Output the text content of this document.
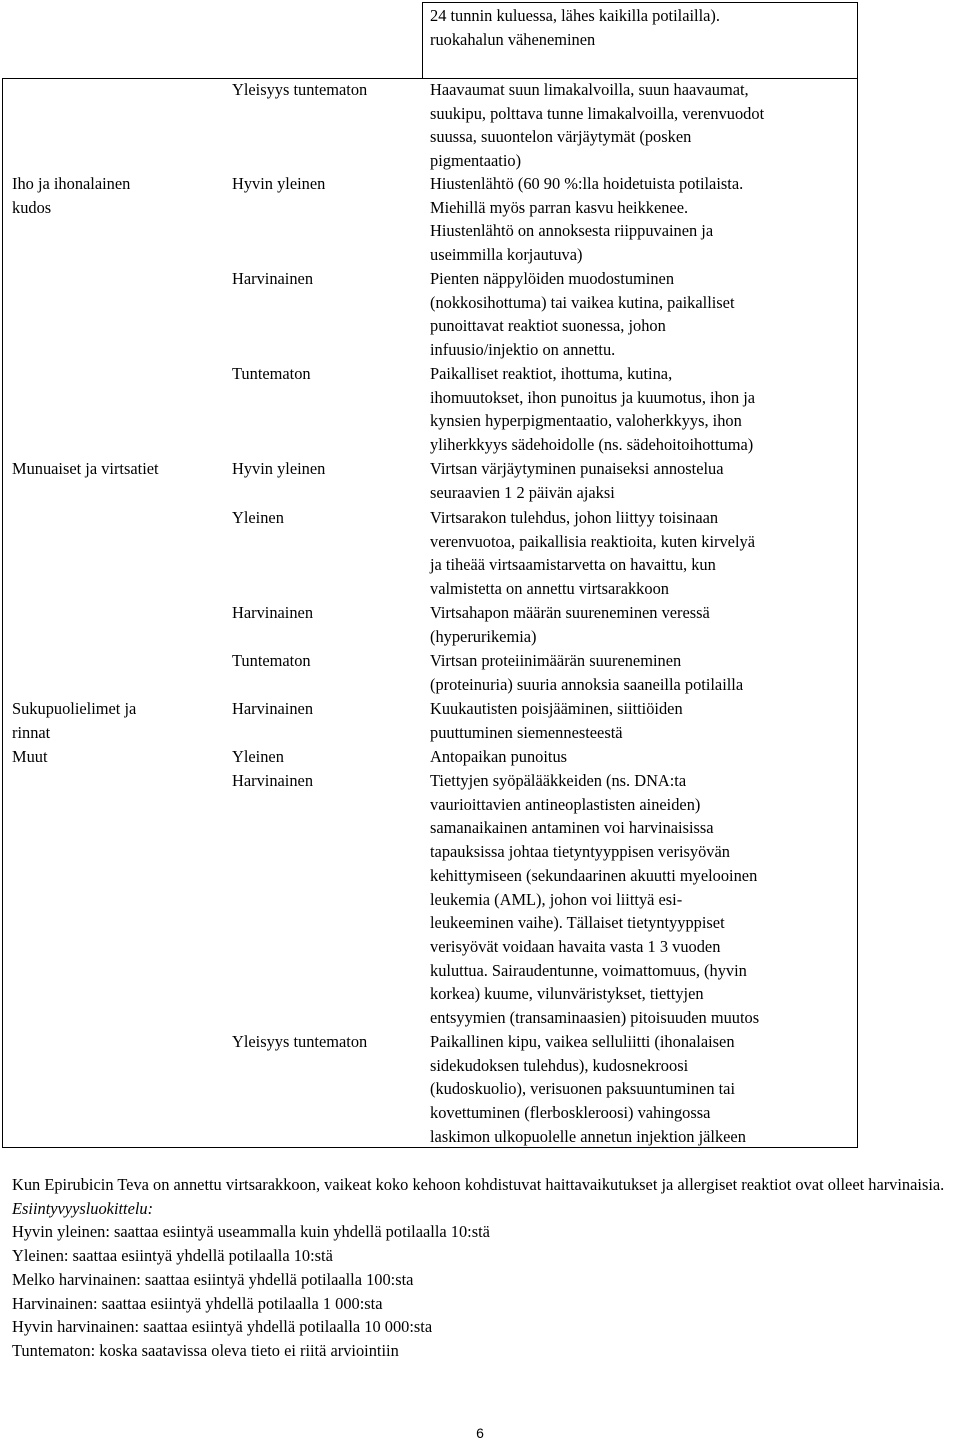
24 tunnin kuluessa, lähes kaikilla potilailla).
ruokahalun väheneminen
Iho ja ihonalainen
kudos
Munuaiset ja virtsatiet
Sukupuolielimet ja
rinnat
Muut
Yleisyys tuntematon
Hyvin yleinen
Harvinainen
Tuntematon
Hyvin yleinen
Yleinen
Harvinainen
Tuntematon
Harvinainen
Yleinen
Harvinainen
Yleisyys tuntematon
Haavaumat suun limakalvoilla, suun haavaumat,
suukipu, polttava tunne limakalvoilla, verenvuodot
suussa, suuontelon värjäytymät (posken
pigmentaatio)
Hiustenlähtö (60 90 %:lla hoidetuista potilaista.
Miehillä myös parran kasvu heikkenee.
Hiustenlähtö on annoksesta riippuvainen ja
useimmilla korjautuva)
Pienten näppylöiden muodostuminen
(nokkosihottuma) tai vaikea kutina, paikalliset
punoittavat reaktiot suonessa, johon
infuusio/injektio on annettu.
Paikalliset reaktiot, ihottuma, kutina,
ihomuutokset, ihon punoitus ja kuumotus, ihon ja
kynsien hyperpigmentaatio, valoherkkyys, ihon
yliherkkyys sädehoidolle (ns. sädehoitoihottuma)
Virtsan värjäytyminen punaiseksi annostelua
seuraavien 1 2 päivän ajaksi
Virtsarakon tulehdus, johon liittyy toisinaan
verenvuotoa, paikallisia reaktioita, kuten kirvelyä
ja tiheää virtsaamistarvetta on havaittu, kun
valmistetta on annettu virtsarakkoon
Virtsahapon määrän suureneminen veressä
(hyperurikemia)
Virtsan proteiinimäärän suureneminen
(proteinuria) suuria annoksia saaneilla potilailla
Kuukautisten poisjääminen, siittiöiden
puuttuminen siemennesteestä
Antopaikan punoitus
Tiettyjen syöpälääkkeiden (ns. DNA:ta
vaurioittavien antineoplastisten aineiden)
samanaikainen antaminen voi harvinaisissa
tapauksissa johtaa tietyntyyppisen verisyövän
kehittymiseen (sekundaarinen akuutti myelooinen
leukemia (AML), johon voi liittyä esi-
leukeeminen vaihe). Tällaiset tietyntyyppiset
verisyövät voidaan havaita vasta 1 3 vuoden
kuluttua. Sairaudentunne, voimattomuus, (hyvin
korkea) kuume, vilunväristykset, tiettyjen
entsyymien (transaminaasien) pitoisuuden muutos
Paikallinen kipu, vaikea selluliitti (ihonalaisen
sidekudoksen tulehdus), kudosnekroosi
(kudoskuolio), verisuonen paksuuntuminen tai
kovettuminen (flerboskleroosi) vahingossa
laskimon ulkopuolelle annetun injektion jälkeen
Kun Epirubicin Teva on annettu virtsarakkoon, vaikeat koko kehoon kohdistuvat haittavaikutukset ja allergiset reaktiot ovat olleet harvinaisia.
Esiintyvyysluokittelu:
Hyvin yleinen: saattaa esiintyä useammalla kuin yhdellä potilaalla 10:stä
Yleinen: saattaa esiintyä yhdellä potilaalla 10:stä
Melko harvinainen: saattaa esiintyä yhdellä potilaalla 100:sta
Harvinainen: saattaa esiintyä yhdellä potilaalla 1 000:sta
Hyvin harvinainen: saattaa esiintyä yhdellä potilaalla 10 000:sta
Tuntematon: koska saatavissa oleva tieto ei riitä arviointiin
6
